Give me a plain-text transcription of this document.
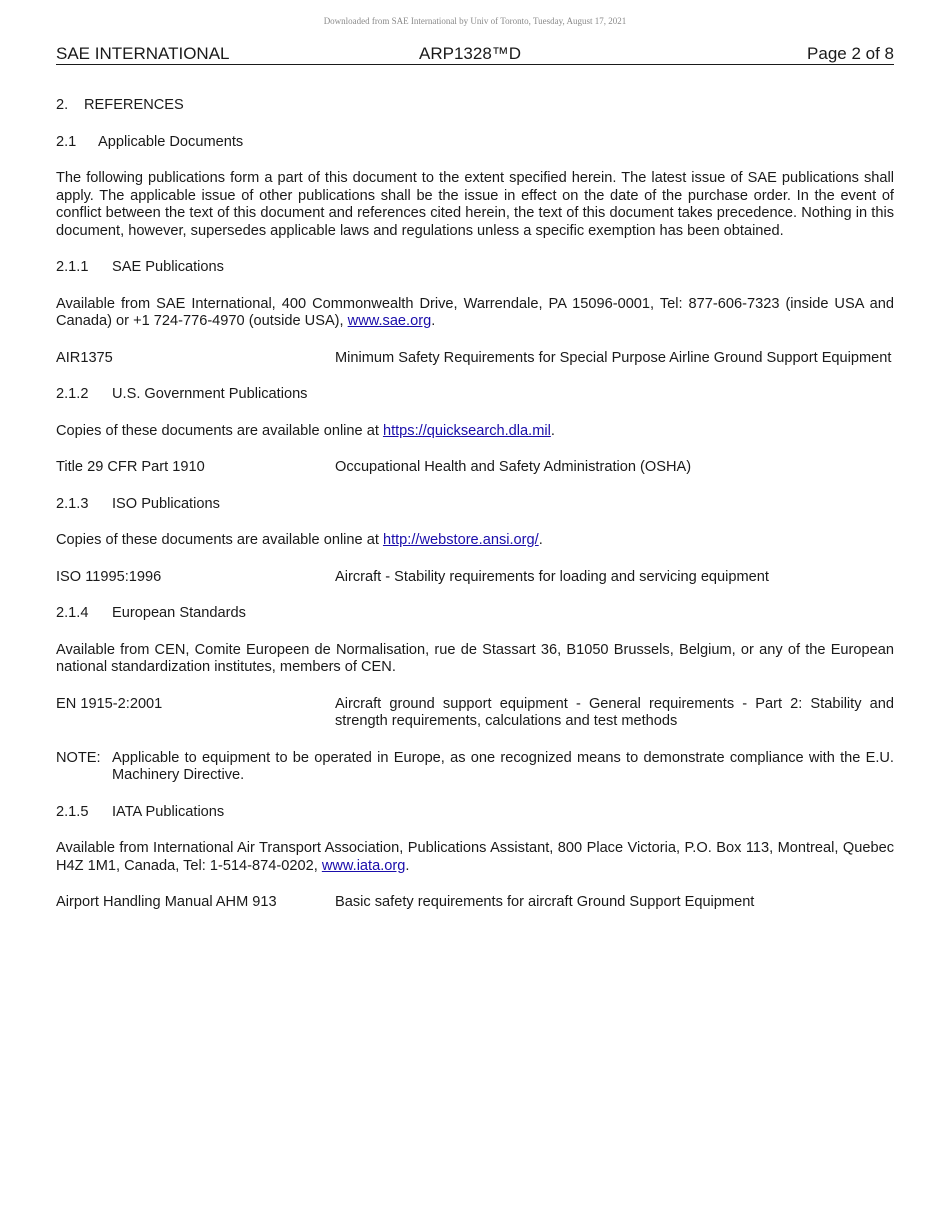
Downloaded from SAE International by Univ of Toronto, Tuesday, August 17, 2021
SAE INTERNATIONAL	ARP1328™D	Page 2 of 8

2. REFERENCES

2.1 Applicable Documents

The following publications form a part of this document to the extent specified herein. The latest issue of SAE publications shall apply. The applicable issue of other publications shall be the issue in effect on the date of the purchase order. In the event of conflict between the text of this document and references cited herein, the text of this document takes precedence. Nothing in this document, however, supersedes applicable laws and regulations unless a specific exemption has been obtained.

2.1.1 SAE Publications

Available from SAE International, 400 Commonwealth Drive, Warrendale, PA 15096-0001, Tel: 877-606-7323 (inside USA and Canada) or +1 724-776-4970 (outside USA), www.sae.org.

AIR1375	Minimum Safety Requirements for Special Purpose Airline Ground Support Equipment

2.1.2 U.S. Government Publications

Copies of these documents are available online at https://quicksearch.dla.mil.

Title 29 CFR Part 1910	Occupational Health and Safety Administration (OSHA)

2.1.3 ISO Publications

Copies of these documents are available online at http://webstore.ansi.org/.

ISO 11995:1996	Aircraft - Stability requirements for loading and servicing equipment

2.1.4 European Standards

Available from CEN, Comite Europeen de Normalisation, rue de Stassart 36, B1050 Brussels, Belgium, or any of the European national standardization institutes, members of CEN.

EN 1915-2:2001	Aircraft ground support equipment - General requirements - Part 2: Stability and strength requirements, calculations and test methods
NOTE: Applicable to equipment to be operated in Europe, as one recognized means to demonstrate compliance with the E.U. Machinery Directive.

2.1.5 IATA Publications

Available from International Air Transport Association, Publications Assistant, 800 Place Victoria, P.O. Box 113, Montreal, Quebec H4Z 1M1, Canada, Tel: 1-514-874-0202, www.iata.org.

Airport Handling Manual AHM 913	Basic safety requirements for aircraft Ground Support Equipment
